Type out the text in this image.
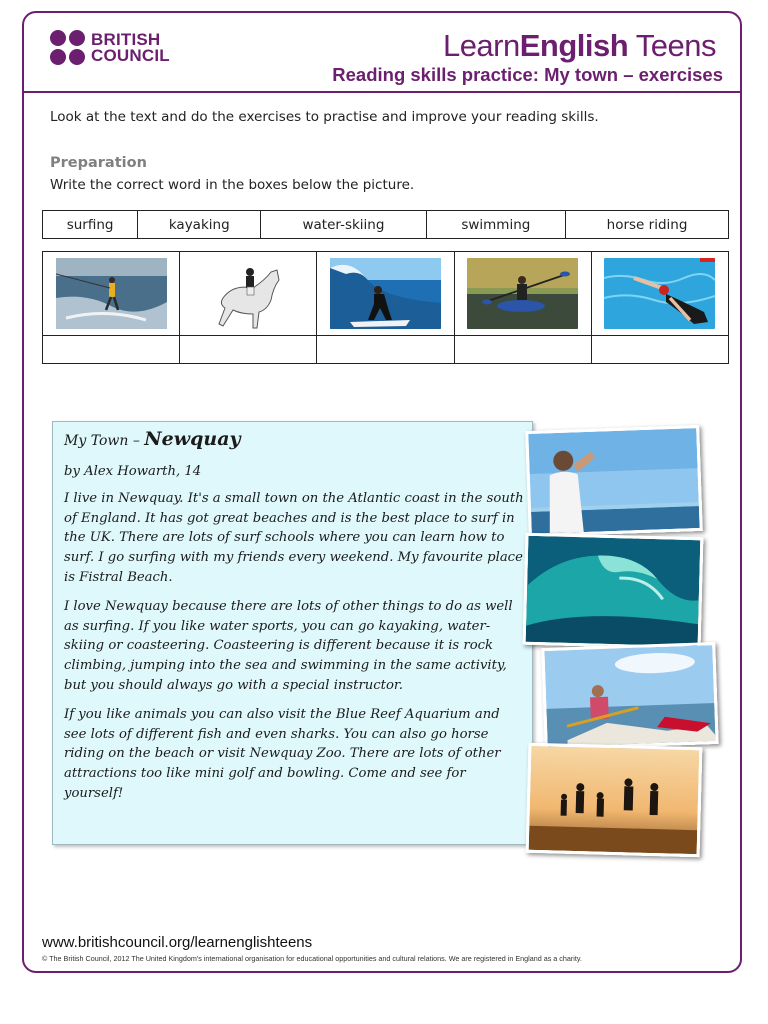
BRITISH
COUNCIL	LearnEnglish Teens
Reading skills practice: My town – exercises
Look at the text and do the exercises to practise and improve your reading skills.
Preparation
Write the correct word in the boxes below the picture.
surfing	kayaking	water-skiing	swimming	horse riding

My Town – Newquay

by Alex Howarth, 14

I live in Newquay. It's a small town on the Atlantic coast in the south of England. It has got great beaches and is the best place to surf in the UK. There are lots of surf schools where you can learn how to surf. I go surfing with my friends every weekend. My favourite place is Fistral Beach.

I love Newquay because there are lots of other things to do as well as surfing. If you like water sports, you can go kayaking, water-skiing or coasteering. Coasteering is different because it is rock climbing, jumping into the sea and swimming in the same activity, but you should always go with a special instructor.

If you like animals you can also visit the Blue Reef Aquarium and see lots of different fish and even sharks. You can also go horse riding on the beach or visit Newquay Zoo. There are lots of other attractions too like mini golf and bowling. Come and see for yourself!

www.britishcouncil.org/learnenglishteens
© The British Council, 2012 The United Kingdom's international organisation for educational opportunities and cultural relations. We are registered in England as a charity.
